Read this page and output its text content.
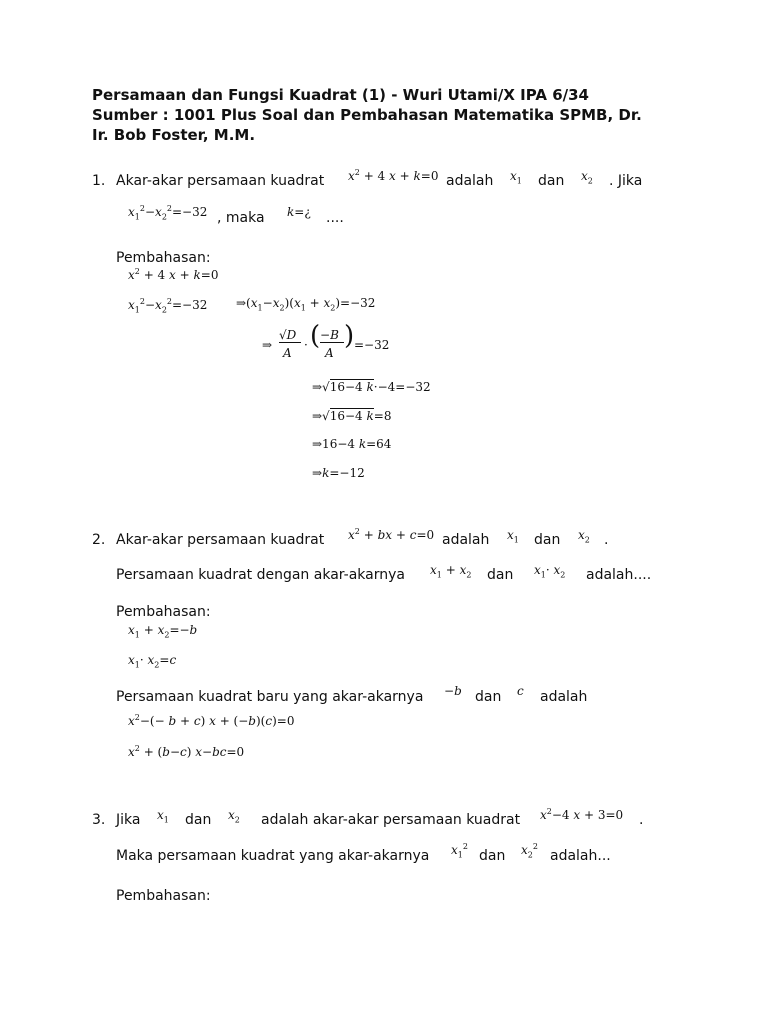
Persamaan dan Fungsi Kuadrat (1) - Wuri Utami/X IPA 6/34
Sumber : 1001 Plus Soal dan Pembahasan Matematika SPMB, Dr.
Ir. Bob Foster, M.M.
1. Akar-akar persamaan kuadrat $x^2 + 4$ x + k=0 adalah $x_1$ dan $x_2$ . Jika
$x_1^2-x_2^2=-32$ , maka k=¿ ....
Pembahasan:
$x^2 + 4$ x + k=0
$x_1^2-x_2^2=-32$ $\Rightarrow(x_1-x_2)(x_1 + x_2)=-32$
⇒
√D
A
· ( −B
A
) =−32
⇒√16−4 k·−4=−32
⇒√16−4 k=8
⇒16−4 k=64
⇒k=−12
2. Akar-akar persamaan kuadrat $x^2$ + bx + c=0 adalah $x_1$ dan $x_2$ .
Persamaan kuadrat dengan akar-akarnya $x_1 + x_2$ dan $x_1\cdot x_2$ adalah....
Pembahasan:
$x_1 + x_2=-b$
$x_1\cdot x_2=c$
Persamaan kuadrat baru yang akar-akarnya −b dan c adalah
$x^2-(- b + c) x + (-b)(c)=0$
$x^2 + (b-c)$ x−bc=0
3. Jika $x_1$ dan $x_2$ adalah akar-akar persamaan kuadrat $x^2-4$ x + 3=0 .
Maka persamaan kuadrat yang akar-akarnya $x_1^2$
dan $x_2^2$
adalah...
Pembahasan:
